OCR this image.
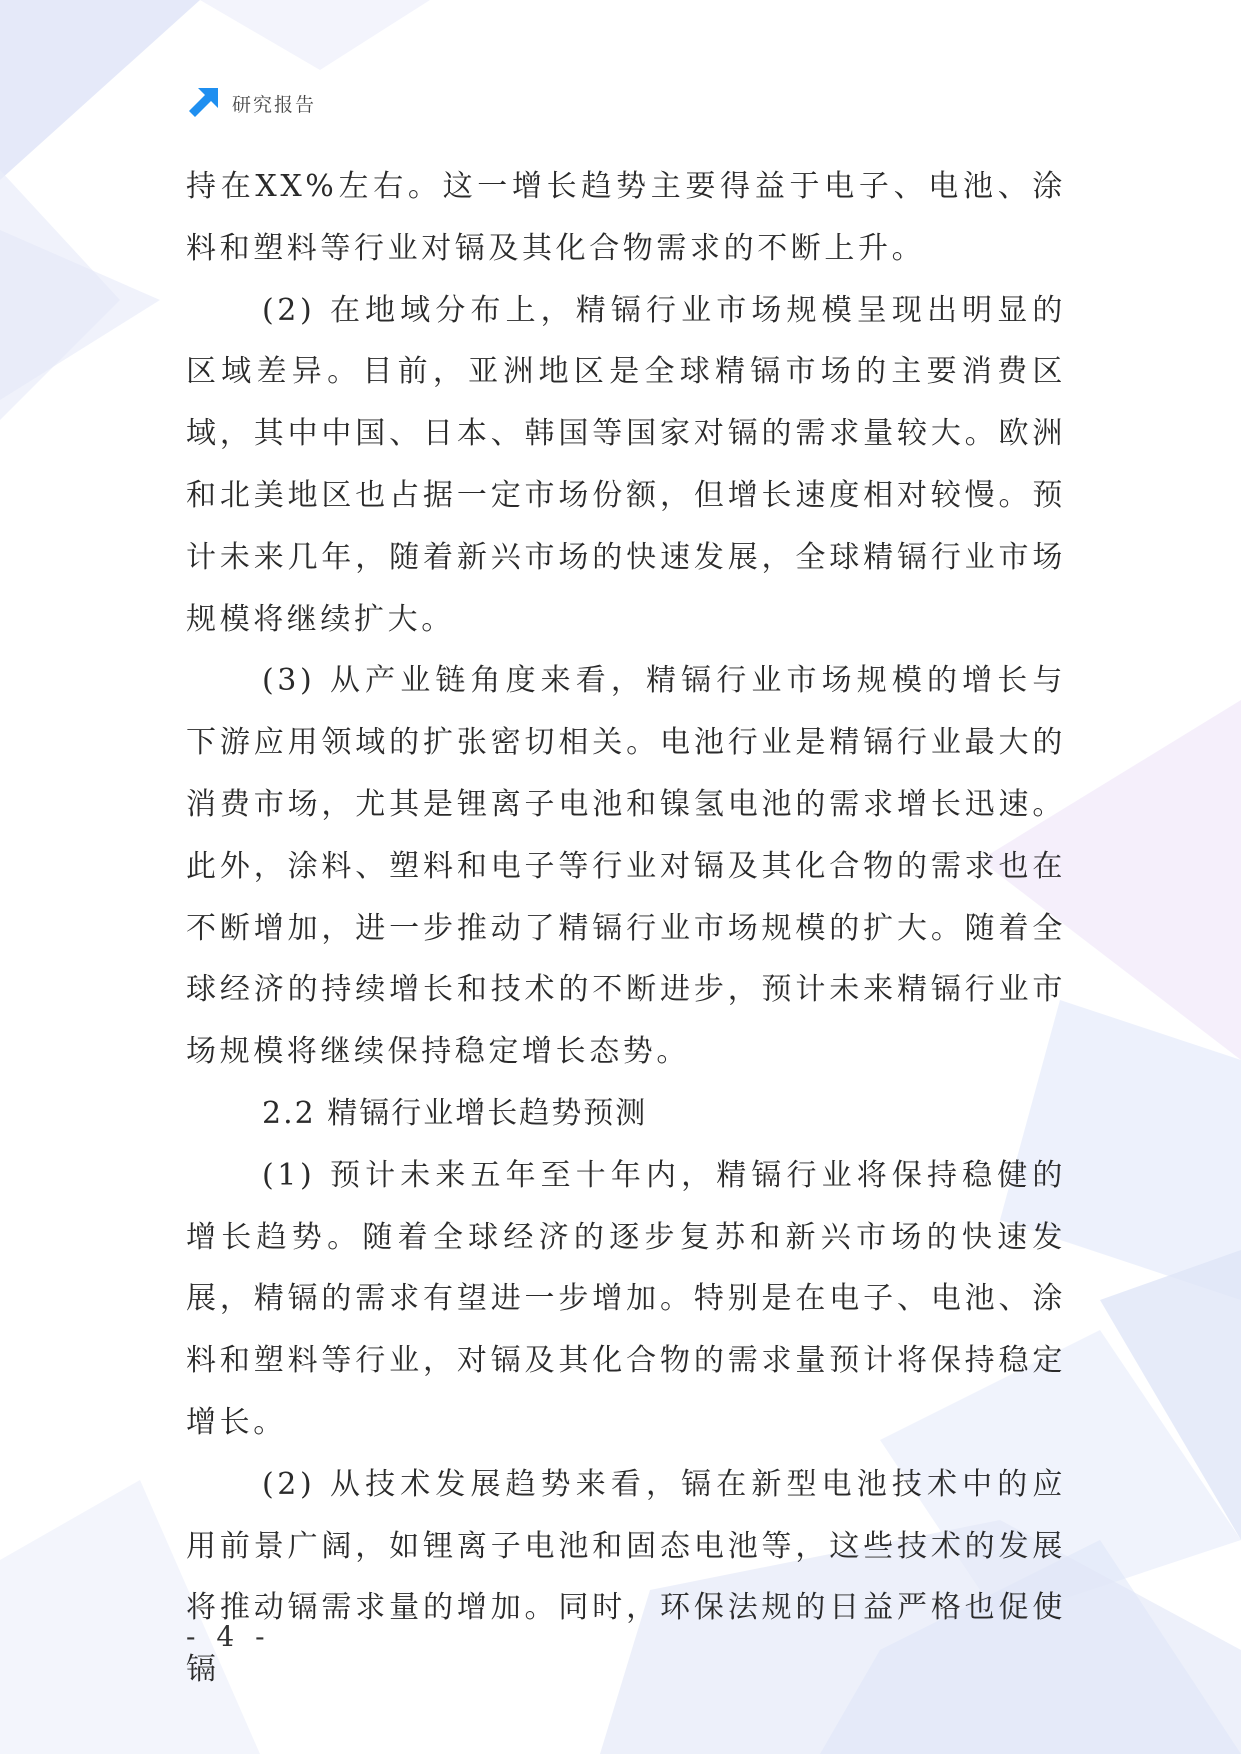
研究报告

持在XX%左右。这一增长趋势主要得益于电子、电池、涂料和塑料等行业对镉及其化合物需求的不断上升。

(2) 在地域分布上，精镉行业市场规模呈现出明显的区域差异。目前，亚洲地区是全球精镉市场的主要消费区域，其中中国、日本、韩国等国家对镉的需求量较大。欧洲和北美地区也占据一定市场份额，但增长速度相对较慢。预计未来几年，随着新兴市场的快速发展，全球精镉行业市场规模将继续扩大。

(3) 从产业链角度来看，精镉行业市场规模的增长与下游应用领域的扩张密切相关。电池行业是精镉行业最大的消费市场，尤其是锂离子电池和镍氢电池的需求增长迅速。此外，涂料、塑料和电子等行业对镉及其化合物的需求也在不断增加，进一步推动了精镉行业市场规模的扩大。随着全球经济的持续增长和技术的不断进步，预计未来精镉行业市场规模将继续保持稳定增长态势。

2.2 精镉行业增长趋势预测

(1) 预计未来五年至十年内，精镉行业将保持稳健的增长趋势。随着全球经济的逐步复苏和新兴市场的快速发展，精镉的需求有望进一步增加。特别是在电子、电池、涂料和塑料等行业，对镉及其化合物的需求量预计将保持稳定增长。

(2) 从技术发展趋势来看，镉在新型电池技术中的应用前景广阔，如锂离子电池和固态电池等，这些技术的发展将推动镉需求量的增加。同时，环保法规的日益严格也促使镉

- 4 -
